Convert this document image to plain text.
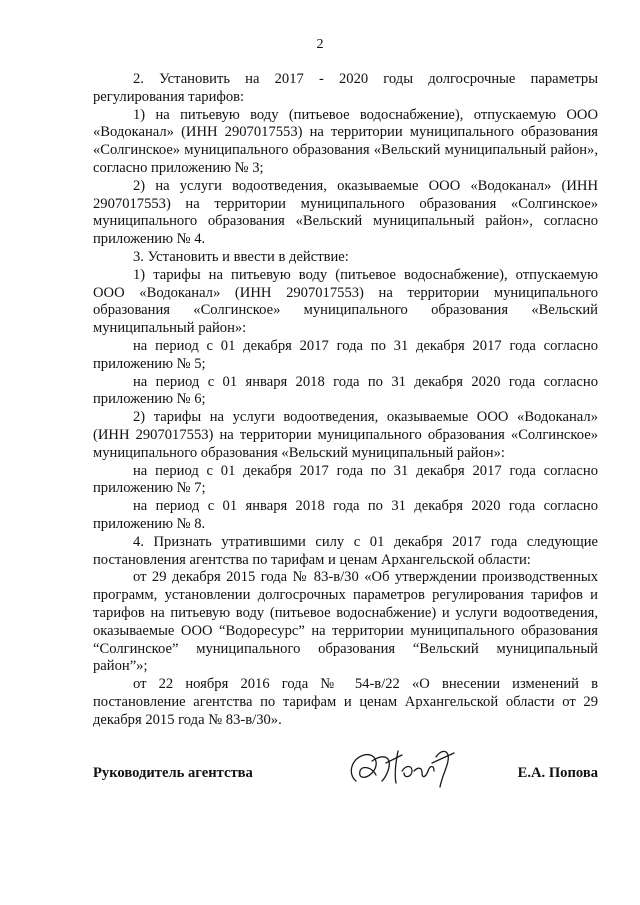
2

2. Установить на 2017 - 2020 годы долгосрочные параметры регулирования тарифов:

1) на питьевую воду (питьевое водоснабжение), отпускаемую ООО «Водоканал» (ИНН 2907017553) на территории муниципального образования «Солгинское» муниципального образования «Вельский муниципальный район», согласно приложению № 3;

2) на услуги водоотведения, оказываемые ООО «Водоканал» (ИНН 2907017553) на территории муниципального образования «Солгинское» муниципального образования «Вельский муниципальный район», согласно приложению № 4.

3. Установить и ввести в действие:

1) тарифы на питьевую воду (питьевое водоснабжение), отпускаемую ООО «Водоканал» (ИНН 2907017553) на территории муниципального образования «Солгинское» муниципального образования «Вельский муниципальный район»:

на период с 01 декабря 2017 года по 31 декабря 2017 года согласно приложению № 5;

на период с 01 января 2018 года по 31 декабря 2020 года согласно приложению № 6;

2) тарифы на услуги водоотведения, оказываемые ООО «Водоканал» (ИНН 2907017553) на территории муниципального образования «Солгинское» муниципального образования «Вельский муниципальный район»:

на период с 01 декабря 2017 года по 31 декабря 2017 года согласно приложению № 7;

на период с 01 января 2018 года по 31 декабря 2020 года согласно приложению № 8.

4. Признать утратившими силу с 01 декабря 2017 года следующие постановления агентства по тарифам и ценам Архангельской области:

от 29 декабря 2015 года № 83-в/30 «Об утверждении производственных программ, установлении долгосрочных параметров регулирования тарифов и тарифов на питьевую воду (питьевое водоснабжение) и услуги водоотведения, оказываемые ООО “Водоресурс” на территории муниципального образования “Солгинское” муниципального образования “Вельский муниципальный район”»;

от 22 ноября 2016 года № 54-в/22 «О внесении изменений в постановление агентства по тарифам и ценам Архангельской области от 29 декабря 2015 года № 83-в/30».

Руководитель агентства	Е.А. Попова
